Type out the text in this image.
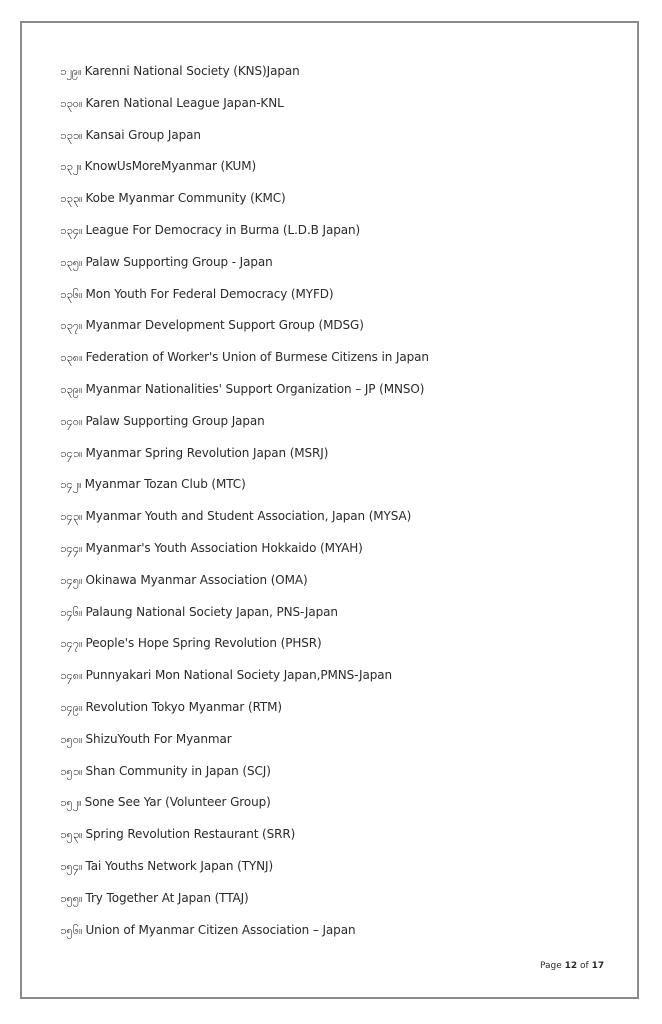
၁၂၉။ Karenni National Society (KNS)Japan
၁၃၀။ Karen National League Japan-KNL
၁၃၁။ Kansai Group Japan
၁၃၂။ KnowUsMoreMyanmar (KUM)
၁၃၃။ Kobe Myanmar Community (KMC)
၁၃၄။ League For Democracy in Burma (L.D.B Japan)
၁၃၅။ Palaw Supporting Group - Japan
၁၃၆။ Mon Youth For Federal Democracy (MYFD)
၁၃၇။ Myanmar Development Support Group (MDSG)
၁၃၈။ Federation of Worker's Union of Burmese Citizens in Japan
၁၃၉။ Myanmar Nationalities' Support Organization – JP (MNSO)
၁၄၀။ Palaw Supporting Group Japan
၁၄၁။ Myanmar Spring Revolution Japan (MSRJ)
၁၄၂။ Myanmar Tozan Club (MTC)
၁၄၃။ Myanmar Youth and Student Association, Japan (MYSA)
၁၄၄။ Myanmar's Youth Association Hokkaido (MYAH)
၁၄၅။ Okinawa Myanmar Association (OMA)
၁၄၆။ Palaung National Society Japan, PNS-Japan
၁၄၇။ People's Hope Spring Revolution (PHSR)
၁၄၈။ Punnyakari Mon National Society Japan,PMNS-Japan
၁၄၉။ Revolution Tokyo Myanmar (RTM)
၁၅၀။ ShizuYouth For Myanmar
၁၅၁။ Shan Community in Japan (SCJ)
၁၅၂။ Sone See Yar (Volunteer Group)
၁၅၃။ Spring Revolution Restaurant (SRR)
၁၅၄။ Tai Youths Network Japan (TYNJ)
၁၅၅။ Try Together At Japan (TTAJ)
၁၅၆။ Union of Myanmar Citizen Association – Japan
Page 12 of 17
